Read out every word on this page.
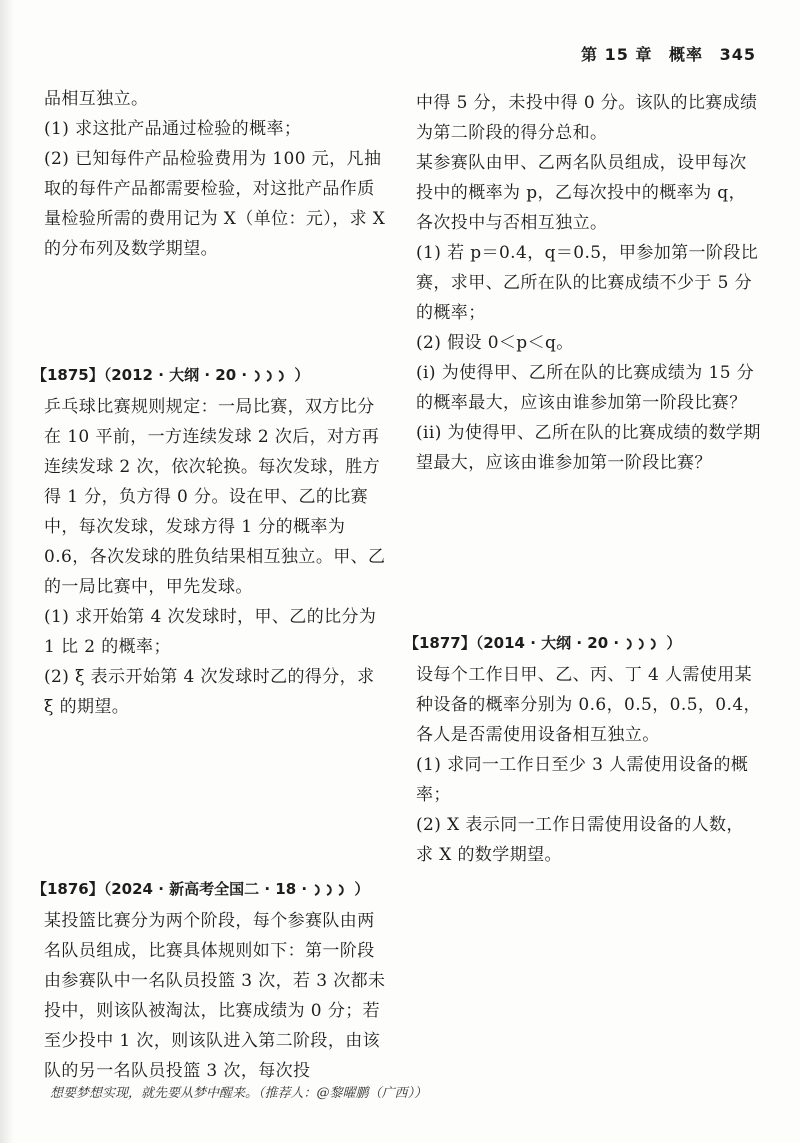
第 15 章 概率 345

品相互独立。

(1) 求这批产品通过检验的概率；

(2) 已知每件产品检验费用为 100 元，凡抽取的每件产品都需要检验，对这批产品作质量检验所需的费用记为 X（单位：元），求 X 的分布列及数学期望。

【1875】（2012 · 大纲 · 20 ·	）

乒乓球比赛规则规定：一局比赛，双方比分在 10 平前，一方连续发球 2 次后，对方再连续发球 2 次，依次轮换。每次发球，胜方得 1 分，负方得 0 分。设在甲、乙的比赛中，每次发球，发球方得 1 分的概率为 0.6，各次发球的胜负结果相互独立。甲、乙的一局比赛中，甲先发球。

(1) 求开始第 4 次发球时，甲、乙的比分为 1 比 2 的概率；

(2) ξ 表示开始第 4 次发球时乙的得分，求 ξ 的期望。

【1876】（2024 · 新高考全国二 · 18 ·	）

某投篮比赛分为两个阶段，每个参赛队由两名队员组成，比赛具体规则如下：第一阶段由参赛队中一名队员投篮 3 次，若 3 次都未投中，则该队被淘汰，比赛成绩为 0 分；若至少投中 1 次，则该队进入第二阶段，由该队的另一名队员投篮 3 次，每次投

中得 5 分，未投中得 0 分。该队的比赛成绩为第二阶段的得分总和。

某参赛队由甲、乙两名队员组成，设甲每次投中的概率为 p，乙每次投中的概率为 q，各次投中与否相互独立。

(1) 若 p＝0.4，q＝0.5，甲参加第一阶段比赛，求甲、乙所在队的比赛成绩不少于 5 分的概率；

(2) 假设 0＜p＜q。

(i) 为使得甲、乙所在队的比赛成绩为 15 分的概率最大，应该由谁参加第一阶段比赛？

(ii) 为使得甲、乙所在队的比赛成绩的数学期望最大，应该由谁参加第一阶段比赛？

【1877】（2014 · 大纲 · 20 ·	）

设每个工作日甲、乙、丙、丁 4 人需使用某种设备的概率分别为 0.6，0.5，0.5，0.4，各人是否需使用设备相互独立。

(1) 求同一工作日至少 3 人需使用设备的概率；

(2) X 表示同一工作日需使用设备的人数，求 X 的数学期望。

想要梦想实现，就先要从梦中醒来。（推荐人：@黎曜鹏（广西））
